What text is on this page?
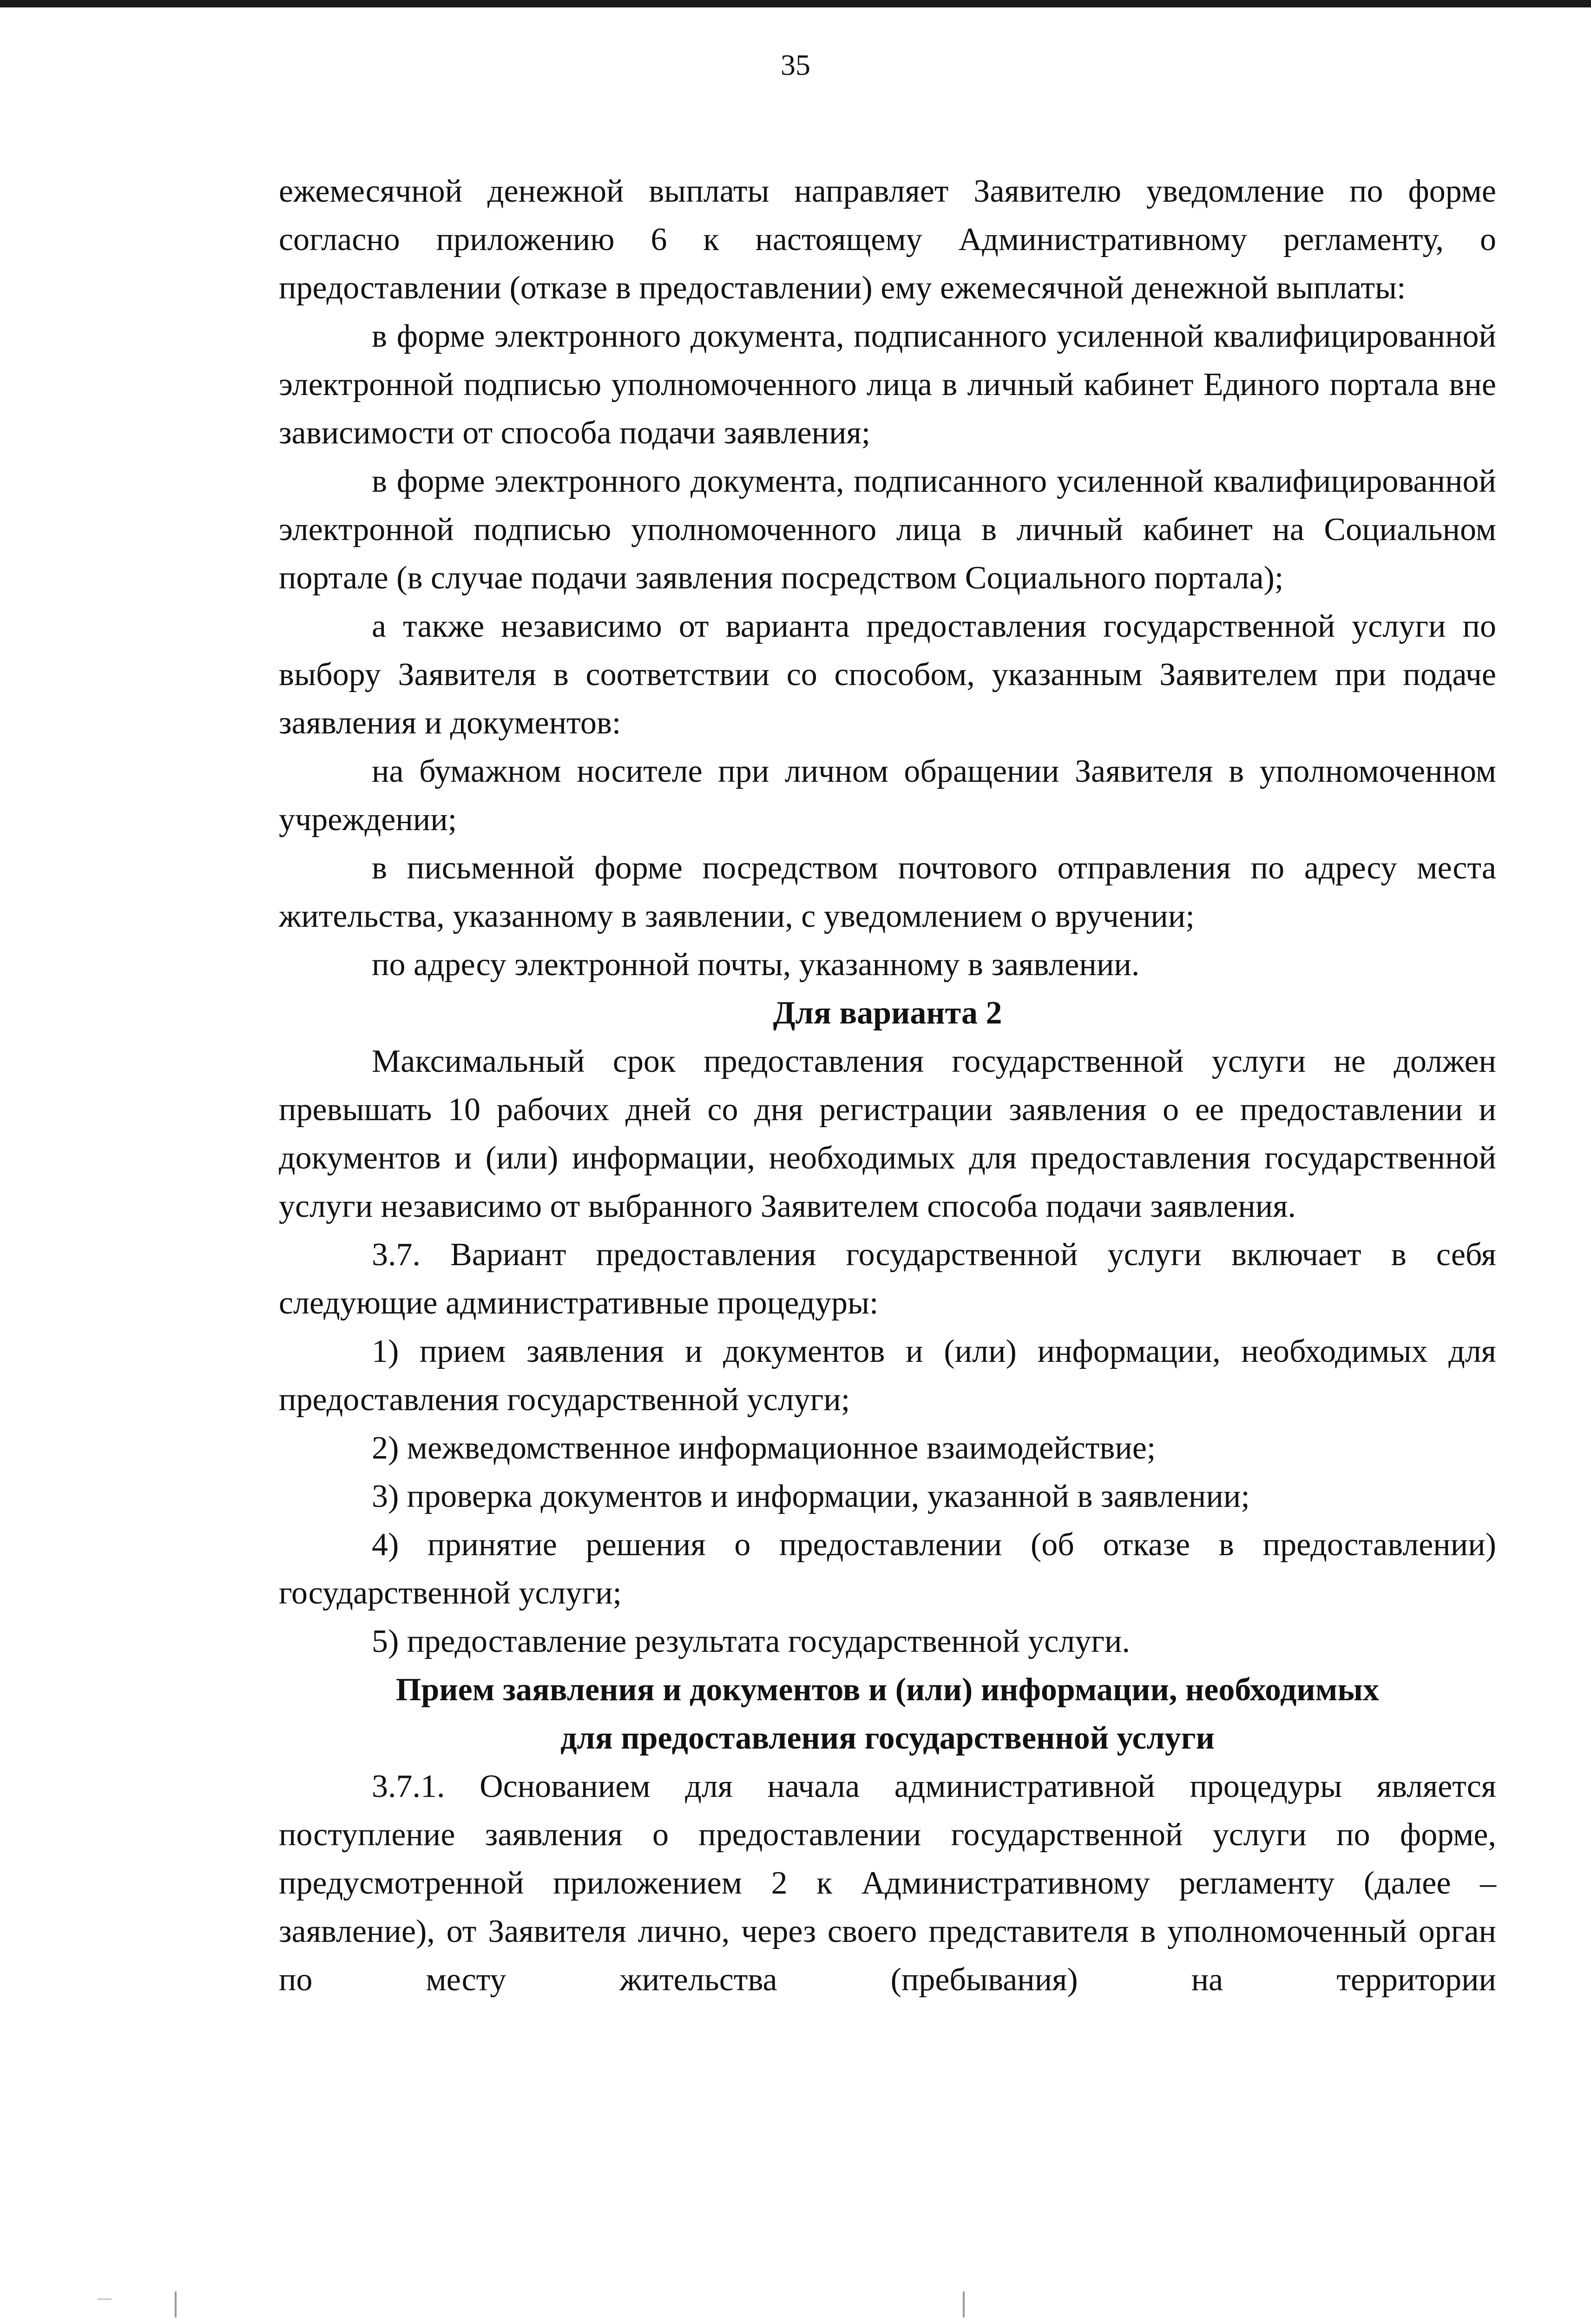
35

ежемесячной денежной выплаты направляет Заявителю уведомление по форме согласно приложению 6 к настоящему Административному регламенту, о предоставлении (отказе в предоставлении) ему ежемесячной денежной выплаты:

в форме электронного документа, подписанного усиленной квалифицированной электронной подписью уполномоченного лица в личный кабинет Единого портала вне зависимости от способа подачи заявления;

в форме электронного документа, подписанного усиленной квалифицированной электронной подписью уполномоченного лица в личный кабинет на Социальном портале (в случае подачи заявления посредством Социального портала);

а также независимо от варианта предоставления государственной услуги по выбору Заявителя в соответствии со способом, указанным Заявителем при подаче заявления и документов:

на бумажном носителе при личном обращении Заявителя в уполномоченном учреждении;

в письменной форме посредством почтового отправления по адресу места жительства, указанному в заявлении, с уведомлением о вручении;

по адресу электронной почты, указанному в заявлении.

Для варианта 2

Максимальный срок предоставления государственной услуги не должен превышать 10 рабочих дней со дня регистрации заявления о ее предоставлении и документов и (или) информации, необходимых для предоставления государственной услуги независимо от выбранного Заявителем способа подачи заявления.

3.7. Вариант предоставления государственной услуги включает в себя следующие административные процедуры:

1) прием заявления и документов и (или) информации, необходимых для предоставления государственной услуги;

2) межведомственное информационное взаимодействие;

3) проверка документов и информации, указанной в заявлении;

4) принятие решения о предоставлении (об отказе в предоставлении) государственной услуги;

5) предоставление результата государственной услуги.

Прием заявления и документов и (или) информации, необходимых
для предоставления государственной услуги

3.7.1. Основанием для начала административной процедуры является поступление заявления о предоставлении государственной услуги по форме, предусмотренной приложением 2 к Административному регламенту (далее – заявление), от Заявителя лично, через своего представителя в уполномоченный орган по месту жительства (пребывания) на территории
